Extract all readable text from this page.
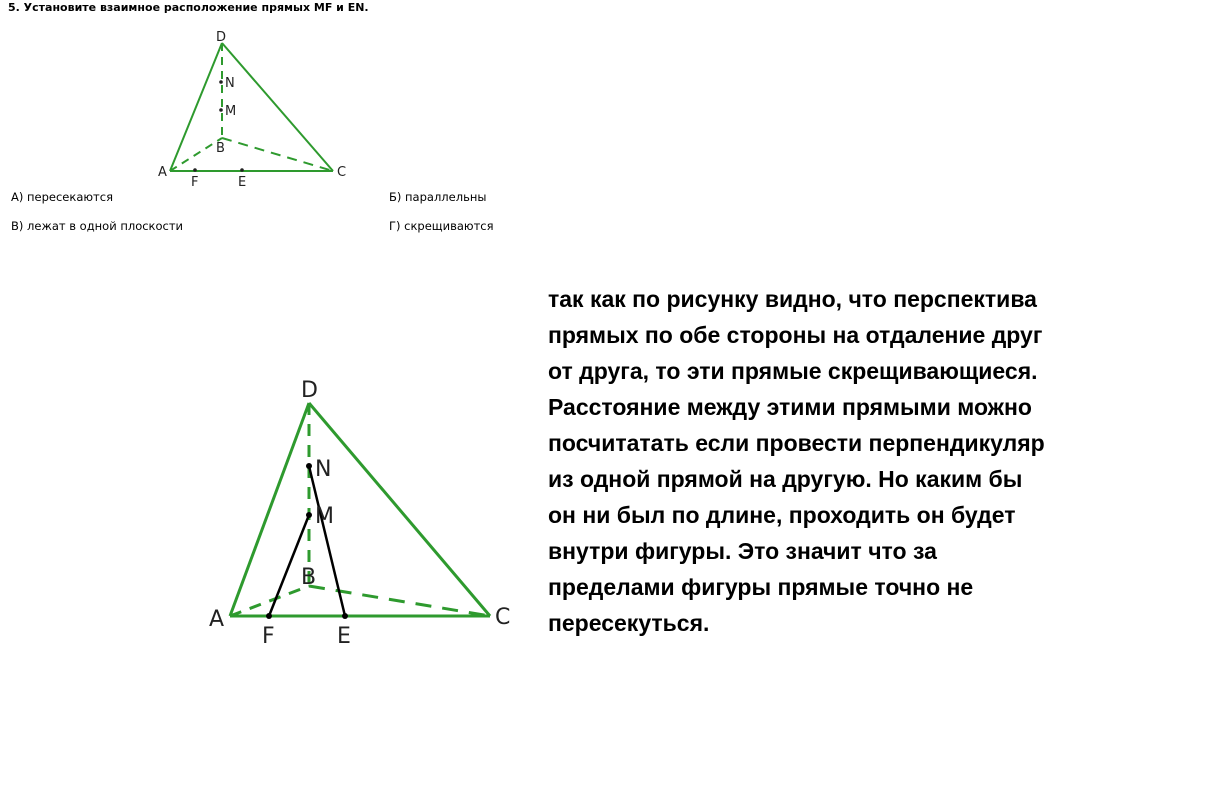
5. Установите взаимное расположение прямых MF и EN.
D
N
M
B
A
F	E
C
А) пересекаются	Б) параллельны
В) лежат в одной плоскости	Г) скрещиваются
D
N
M
B
A
F	E
C
так как по рисунку видно, что перспектива
прямых по обе стороны на отдаление друг
от друга, то эти прямые скрещивающиеся.
Расстояние между этими прямыми можно
посчитатать если провести перпендикуляр
из одной прямой на другую. Но каким бы
он ни был по длине, проходить он будет
внутри фигуры. Это значит что за
пределами фигуры прямые точно не
пересекуться.
